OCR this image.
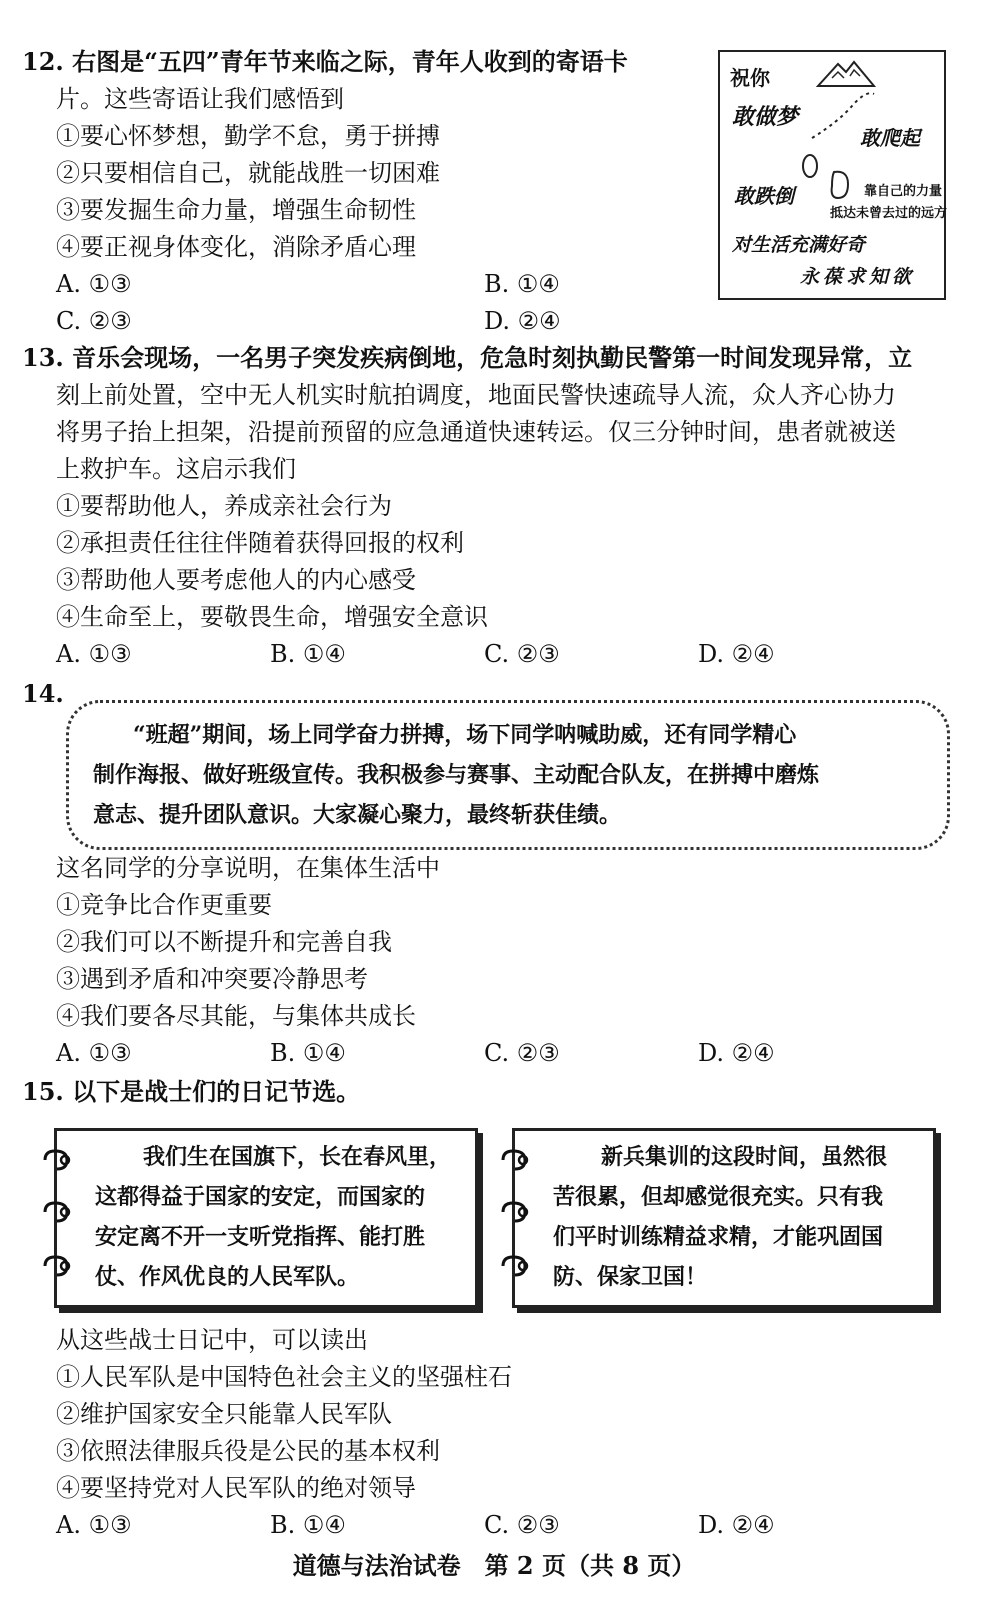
12. 右图是“五四”青年节来临之际，青年人收到的寄语卡
片。这些寄语让我们感悟到
①要心怀梦想，勤学不怠，勇于拼搏
②只要相信自己，就能战胜一切困难
③要发掘生命力量，增强生命韧性
④要正视身体变化，消除矛盾心理
A. ①③	B. ①④
C. ②③	D. ②④
祝你
敢做梦
敢爬起
敢跌倒	靠自己的力量
抵达未曾去过的远方
对生活充满好奇
永葆求知欲
13. 音乐会现场，一名男子突发疾病倒地，危急时刻执勤民警第一时间发现异常，立
刻上前处置，空中无人机实时航拍调度，地面民警快速疏导人流，众人齐心协力
将男子抬上担架，沿提前预留的应急通道快速转运。仅三分钟时间，患者就被送
上救护车。这启示我们
①要帮助他人，养成亲社会行为
②承担责任往往伴随着获得回报的权利
③帮助他人要考虑他人的内心感受
④生命至上，要敬畏生命，增强安全意识
A. ①③	B. ①④	C. ②③	D. ②④
14.
“班超”期间，场上同学奋力拼搏，场下同学呐喊助威，还有同学精心
制作海报、做好班级宣传。我积极参与赛事、主动配合队友，在拼搏中磨炼
意志、提升团队意识。大家凝心聚力，最终斩获佳绩。
这名同学的分享说明，在集体生活中
①竞争比合作更重要
②我们可以不断提升和完善自我
③遇到矛盾和冲突要冷静思考
④我们要各尽其能，与集体共成长
A. ①③	B. ①④	C. ②③	D. ②④
15. 以下是战士们的日记节选。
我们生在国旗下，长在春风里，
这都得益于国家的安定，而国家的
安定离不开一支听党指挥、能打胜
仗、作风优良的人民军队。
新兵集训的这段时间，虽然很
苦很累，但却感觉很充实。只有我
们平时训练精益求精，才能巩固国
防、保家卫国！
从这些战士日记中，可以读出
①人民军队是中国特色社会主义的坚强柱石
②维护国家安全只能靠人民军队
③依照法律服兵役是公民的基本权利
④要坚持党对人民军队的绝对领导
A. ①③	B. ①④	C. ②③	D. ②④
道德与法治试卷　第 2 页（共 8 页）
